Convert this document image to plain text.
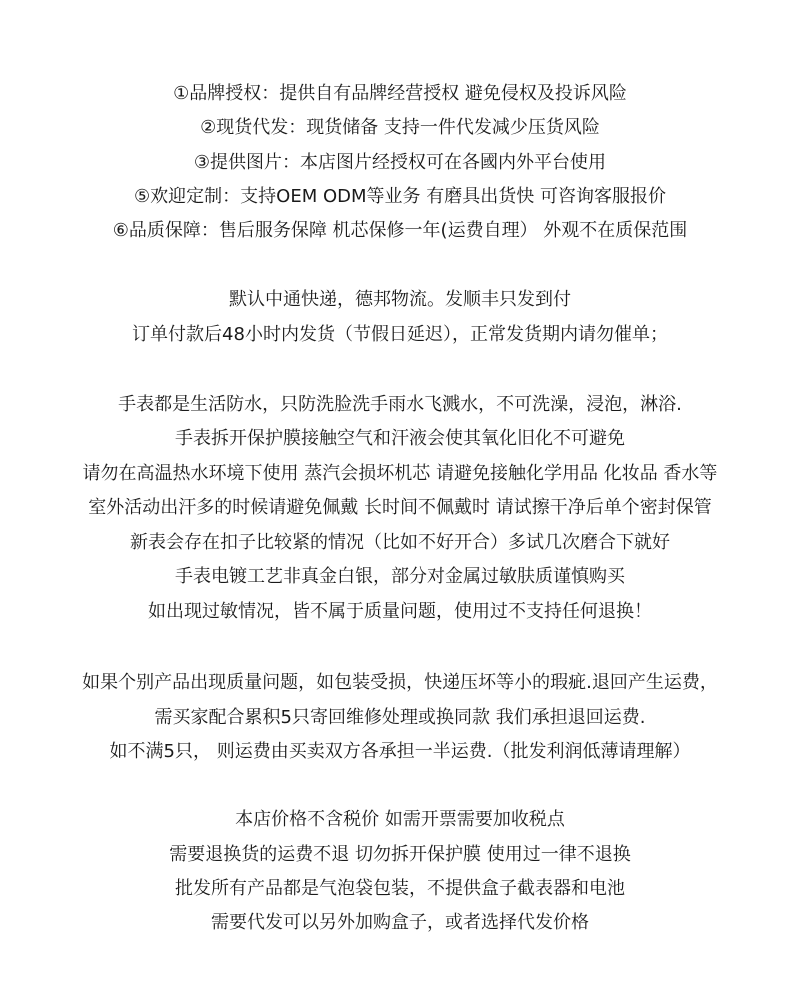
①品牌授权：提供自有品牌经营授权 避免侵权及投诉风险
②现货代发：现货储备 支持一件代发减少压货风险
③提供图片：本店图片经授权可在各國内外平台使用
⑤欢迎定制：支持OEM ODM等业务 有磨具出货快 可咨询客服报价
⑥品质保障：售后服务保障 机芯保修一年(运费自理） 外观不在质保范围
默认中通快递，德邦物流。发顺丰只发到付
订单付款后48小时内发货（节假日延迟），正常发货期内请勿催单；
手表都是生活防水，只防洗脸洗手雨水飞溅水，不可洗澡，浸泡，淋浴.
手表拆开保护膜接触空气和汗液会使其氧化旧化不可避免
请勿在高温热水环境下使用 蒸汽会损坏机芯 请避免接触化学用品 化妆品 香水等
室外活动出汗多的时候请避免佩戴 长时间不佩戴时 请试擦干净后单个密封保管
新表会存在扣子比较紧的情况（比如不好开合）多试几次磨合下就好
手表电镀工艺非真金白银，部分对金属过敏肤质谨慎购买
如出现过敏情况，皆不属于质量问题，使用过不支持任何退换！
如果个别产品出现质量问题，如包装受损，快递压坏等小的瑕疵.退回产生运费，
需买家配合累积5只寄回维修处理或换同款 我们承担退回运费.
如不满5只， 则运费由买卖双方各承担一半运费.（批发利润低薄请理解）
本店价格不含税价 如需开票需要加收税点
需要退换货的运费不退 切勿拆开保护膜 使用过一律不退换
批发所有产品都是气泡袋包装，不提供盒子截表器和电池
需要代发可以另外加购盒子，或者选择代发价格
